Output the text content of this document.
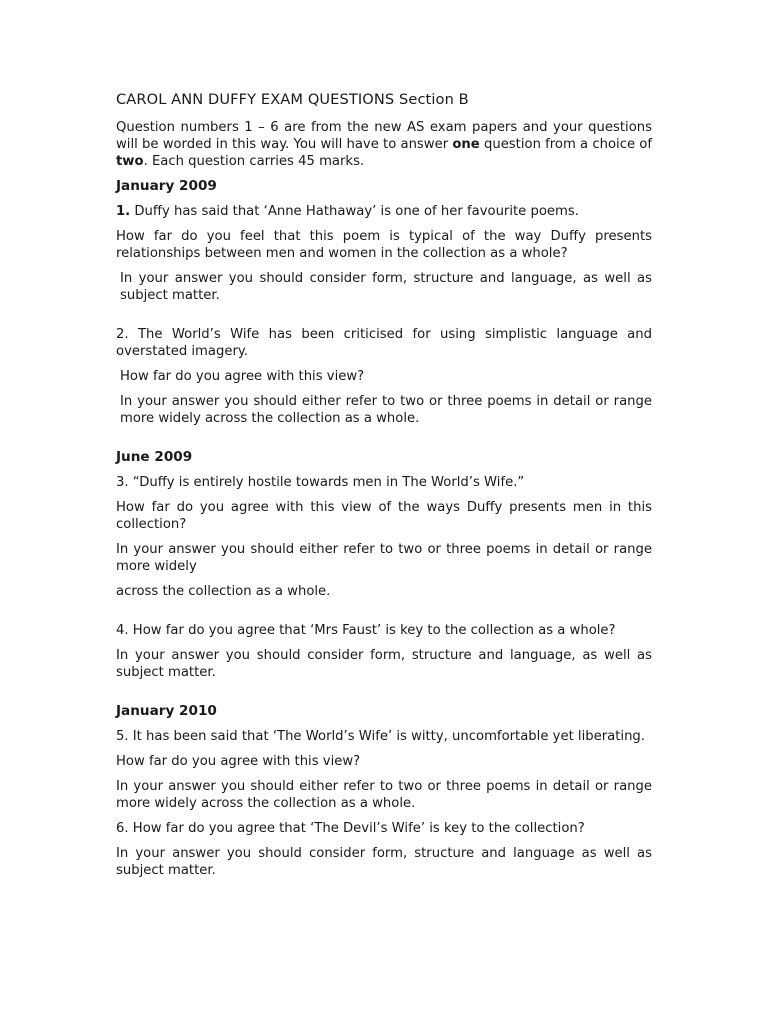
CAROL ANN DUFFY EXAM QUESTIONS Section B

Question numbers 1 – 6 are from the new AS exam papers and your questions will be worded in this way. You will have to answer one question from a choice of two. Each question carries 45 marks.

January 2009

1. Duffy has said that ‘Anne Hathaway’ is one of her favourite poems.

How far do you feel that this poem is typical of the way Duffy presents relationships between men and women in the collection as a whole?

In your answer you should consider form, structure and language, as well as subject matter.

2. The World’s Wife has been criticised for using simplistic language and overstated imagery.

How far do you agree with this view?

In your answer you should either refer to two or three poems in detail or range more widely across the collection as a whole.

June 2009

3. “Duffy is entirely hostile towards men in The World’s Wife.”

How far do you agree with this view of the ways Duffy presents men in this collection?

In your answer you should either refer to two or three poems in detail or range more widely

across the collection as a whole.

4. How far do you agree that ‘Mrs Faust’ is key to the collection as a whole?

In your answer you should consider form, structure and language, as well as subject matter.

January 2010

5. It has been said that ‘The World’s Wife’ is witty, uncomfortable yet liberating.

How far do you agree with this view?

In your answer you should either refer to two or three poems in detail or range more widely across the collection as a whole.

6. How far do you agree that ‘The Devil’s Wife’ is key to the collection?

In your answer you should consider form, structure and language as well as subject matter.
